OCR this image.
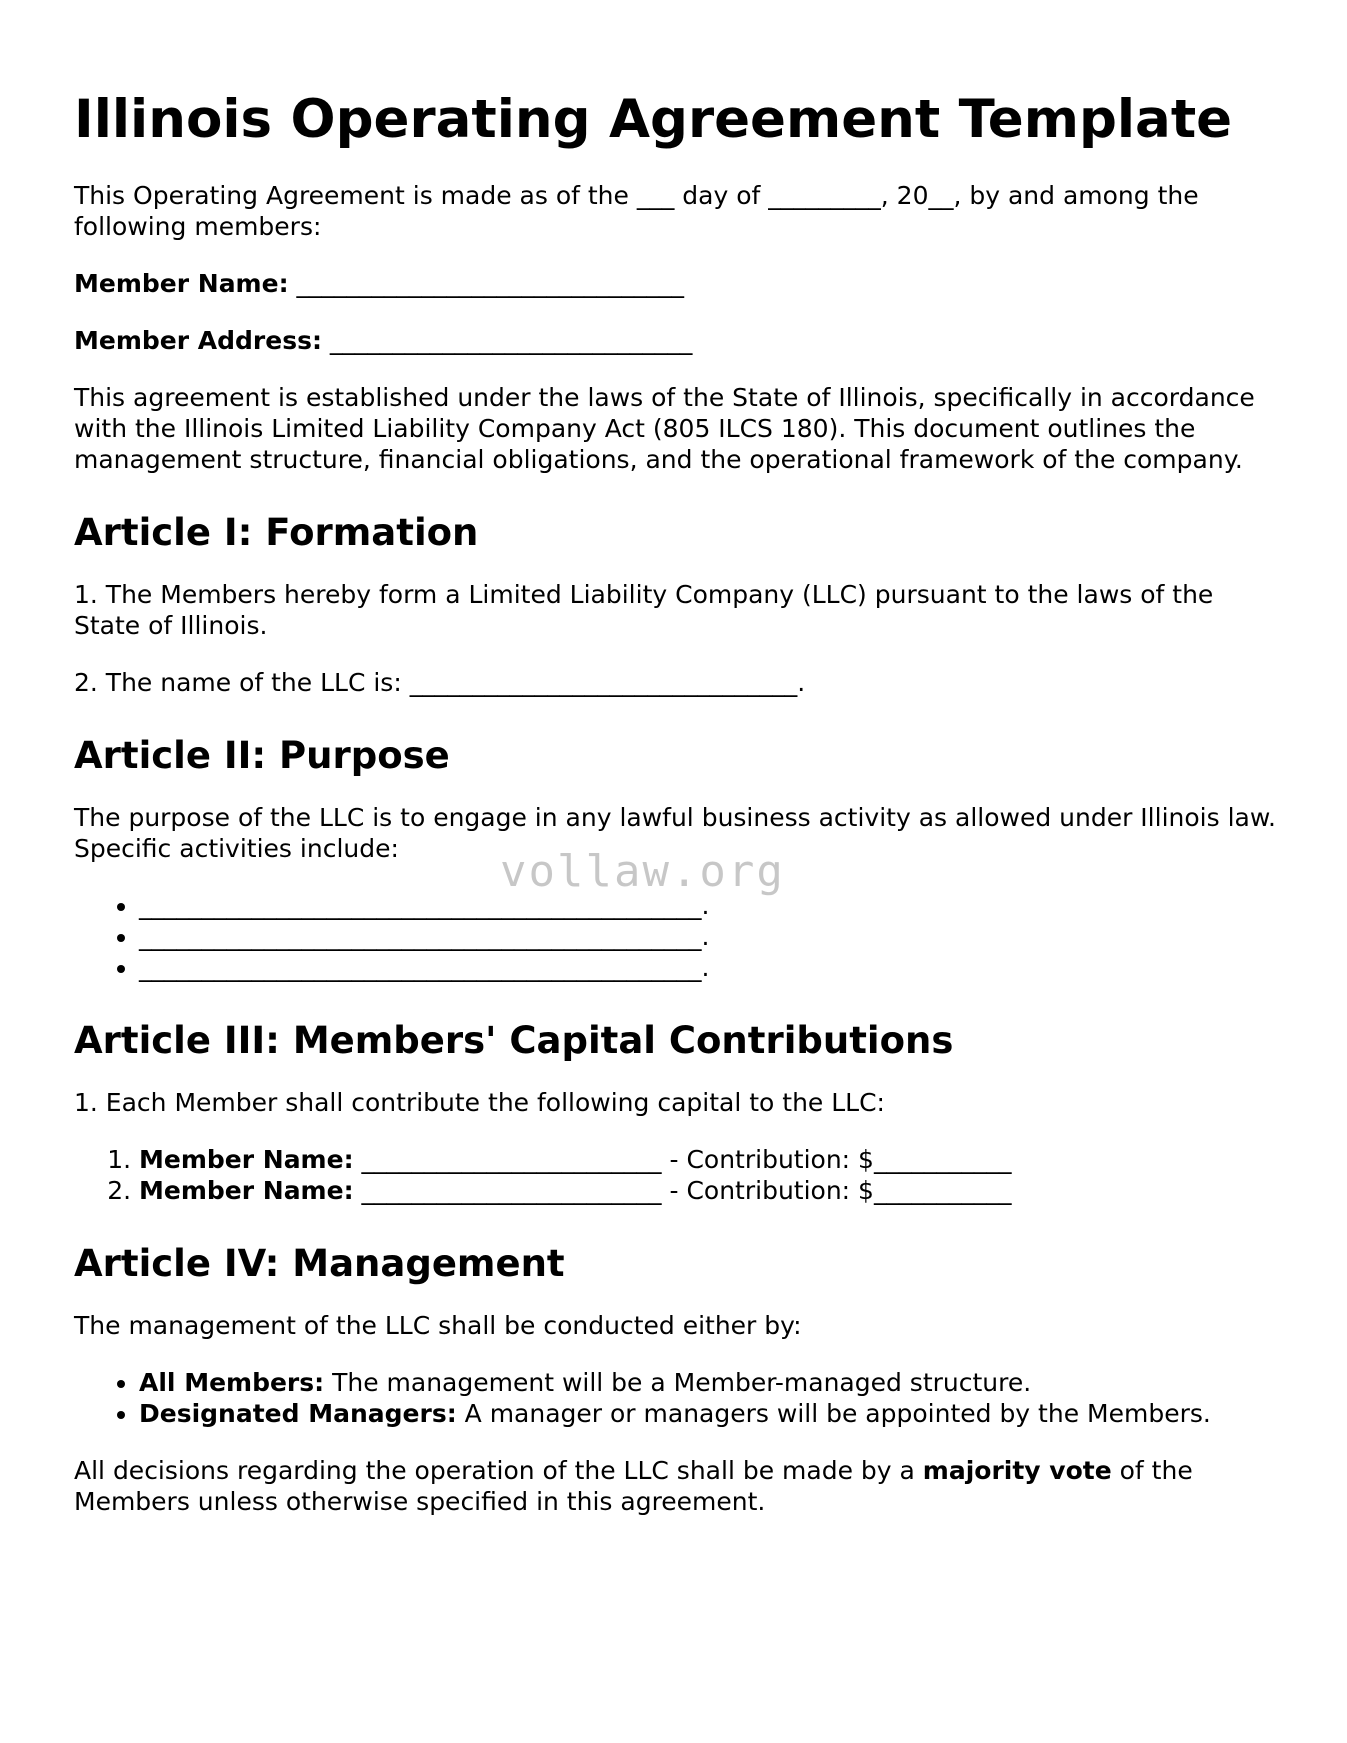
Illinois Operating Agreement Template

This Operating Agreement is made as of the ___ day of _________, 20__, by and among the following members:

Member Name: _______________________________

Member Address: _____________________________

This agreement is established under the laws of the State of Illinois, specifically in accordance with the Illinois Limited Liability Company Act (805 ILCS 180). This document outlines the management structure, financial obligations, and the operational framework of the company.

Article I: Formation

1. The Members hereby form a Limited Liability Company (LLC) pursuant to the laws of the State of Illinois.

2. The name of the LLC is: _______________________________.

Article II: Purpose

The purpose of the LLC is to engage in any lawful business activity as allowed under Illinois law. Specific activities include:

• _____________________________________________.
• _____________________________________________.
• _____________________________________________.
Article III: Members' Capital Contributions

1. Each Member shall contribute the following capital to the LLC:

1. Member Name: ________________________ - Contribution: $___________
2. Member Name: ________________________ - Contribution: $___________
Article IV: Management

The management of the LLC shall be conducted either by:

• All Members: The management will be a Member-managed structure.
• Designated Managers: A manager or managers will be appointed by the Members.

All decisions regarding the operation of the LLC shall be made by a majority vote of the Members unless otherwise specified in this agreement.

vollaw.org
